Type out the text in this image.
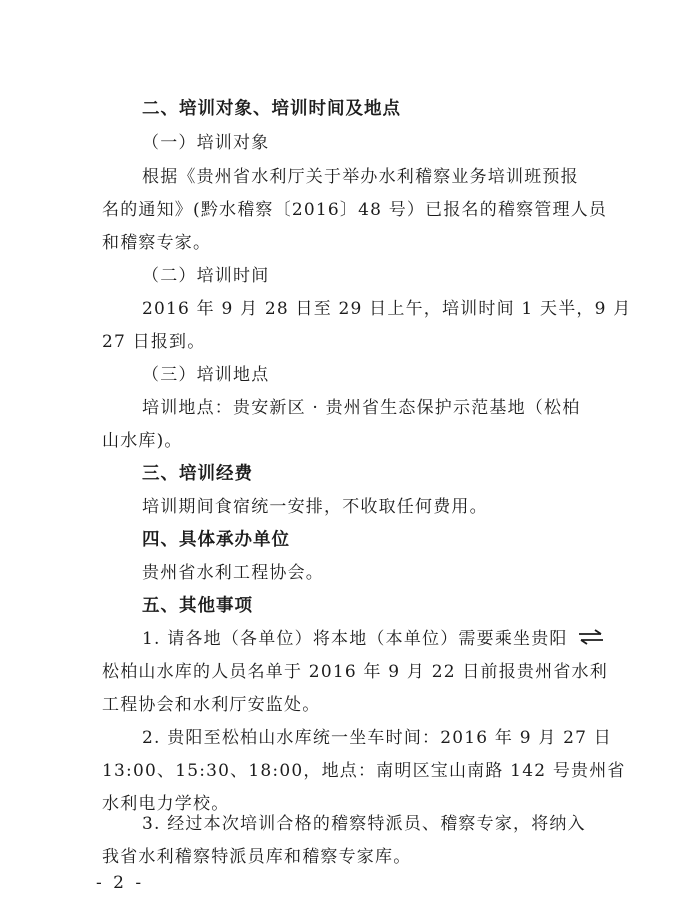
二、培训对象、培训时间及地点
（一）培训对象
根据《贵州省水利厅关于举办水利稽察业务培训班预报
名的通知》(黔水稽察〔2016〕48 号）已报名的稽察管理人员
和稽察专家。
（二）培训时间
2016 年 9 月 28 日至 29 日上午，培训时间 1 天半，9 月
27 日报到。
（三）培训地点
培训地点：贵安新区 · 贵州省生态保护示范基地（松柏
山水库)。
三、培训经费
培训期间食宿统一安排，不收取任何费用。
四、具体承办单位
贵州省水利工程协会。
五、其他事项
1. 请各地（各单位）将本地（本单位）需要乘坐贵阳
松柏山水库的人员名单于 2016 年 9 月 22 日前报贵州省水利
工程协会和水利厅安监处。
2. 贵阳至松柏山水库统一坐车时间：2016 年 9 月 27 日
13:00、15:30、18:00，地点：南明区宝山南路 142 号贵州省
水利电力学校。
3. 经过本次培训合格的稽察特派员、稽察专家，将纳入
- 2 -
我省水利稽察特派员库和稽察专家库。
